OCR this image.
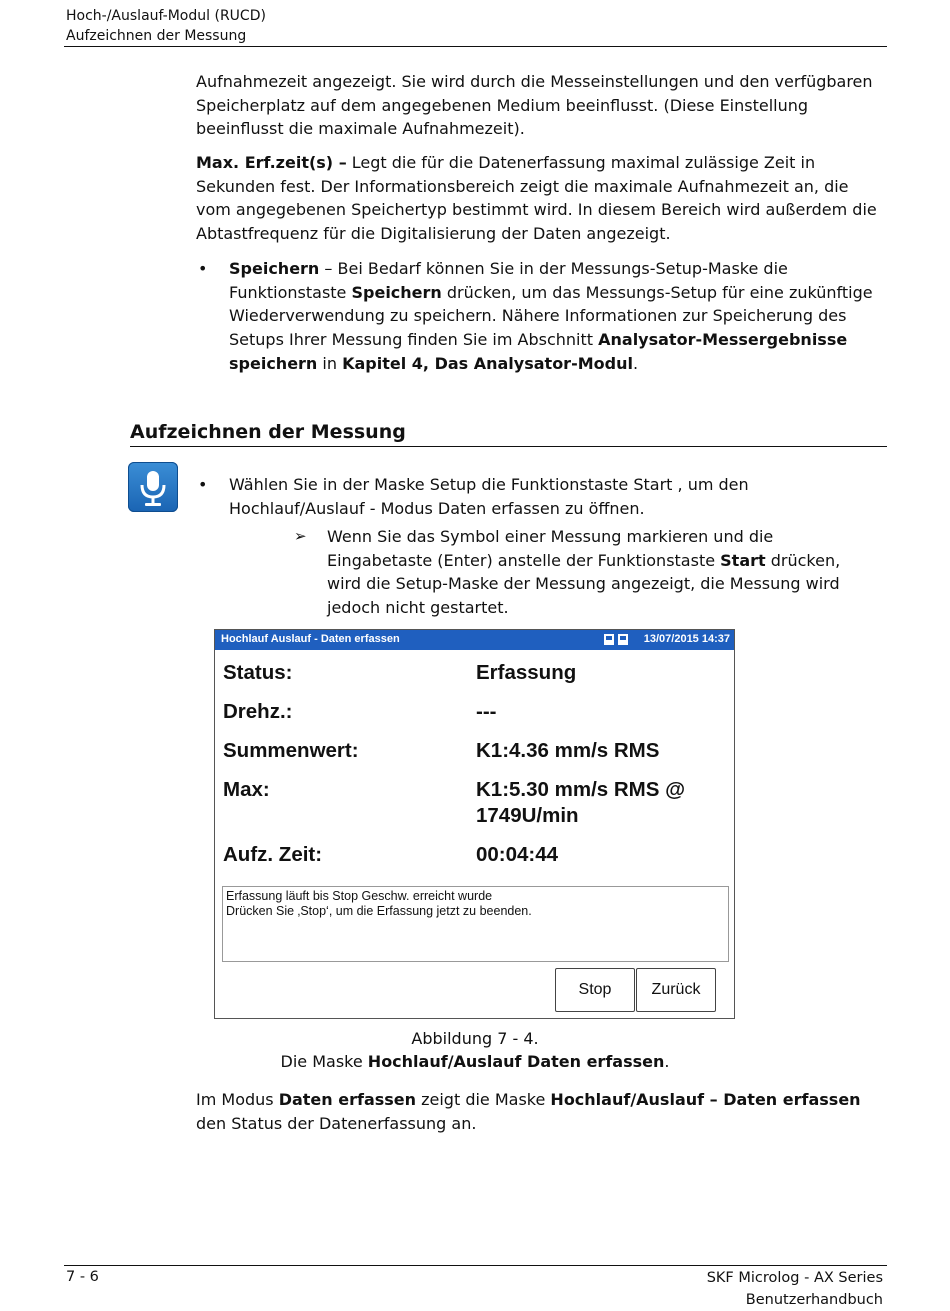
Hoch-/Auslauf-Modul (RUCD)
Aufzeichnen der Messung
Aufnahmezeit angezeigt. Sie wird durch die Messeinstellungen und den verfügbaren Speicherplatz auf dem angegebenen Medium beeinflusst. (Diese Einstellung beeinflusst die maximale Aufnahmezeit).
Max. Erf.zeit(s) – Legt die für die Datenerfassung maximal zulässige Zeit in Sekunden fest. Der Informationsbereich zeigt die maximale Aufnahmezeit an, die vom angegebenen Speichertyp bestimmt wird. In diesem Bereich wird außerdem die Abtastfrequenz für die Digitalisierung der Daten angezeigt.
• Speichern – Bei Bedarf können Sie in der Messungs-Setup-Maske die Funktionstaste Speichern drücken, um das Messungs-Setup für eine zukünftige Wiederverwendung zu speichern. Nähere Informationen zur Speicherung des Setups Ihrer Messung finden Sie im Abschnitt Analysator-Messergebnisse speichern in Kapitel 4, Das Analysator-Modul.
Aufzeichnen der Messung
• Wählen Sie in der Maske Setup die Funktionstaste Start , um den Hochlauf/Auslauf - Modus Daten erfassen zu öffnen.
➢ Wenn Sie das Symbol einer Messung markieren und die Eingabetaste (Enter) anstelle der Funktionstaste Start drücken, wird die Setup-Maske der Messung angezeigt, die Messung wird jedoch nicht gestartet.
Hochlauf Auslauf - Daten erfassen	13/07/2015 14:37
Status:	Erfassung
Drehz.:	---
Summenwert:	K1:4.36 mm/s RMS
Max:	K1:5.30 mm/s RMS @ 1749U/min
Aufz. Zeit:	00:04:44
Erfassung läuft bis Stop Geschw. erreicht wurde
Drücken Sie ‚Stop‘, um die Erfassung jetzt zu beenden.
Stop	Zurück
Abbildung 7 - 4.
Die Maske Hochlauf/Auslauf Daten erfassen.
Im Modus Daten erfassen zeigt die Maske Hochlauf/Auslauf – Daten erfassen den Status der Datenerfassung an.
7 - 6	SKF Microlog - AX Series
Benutzerhandbuch
